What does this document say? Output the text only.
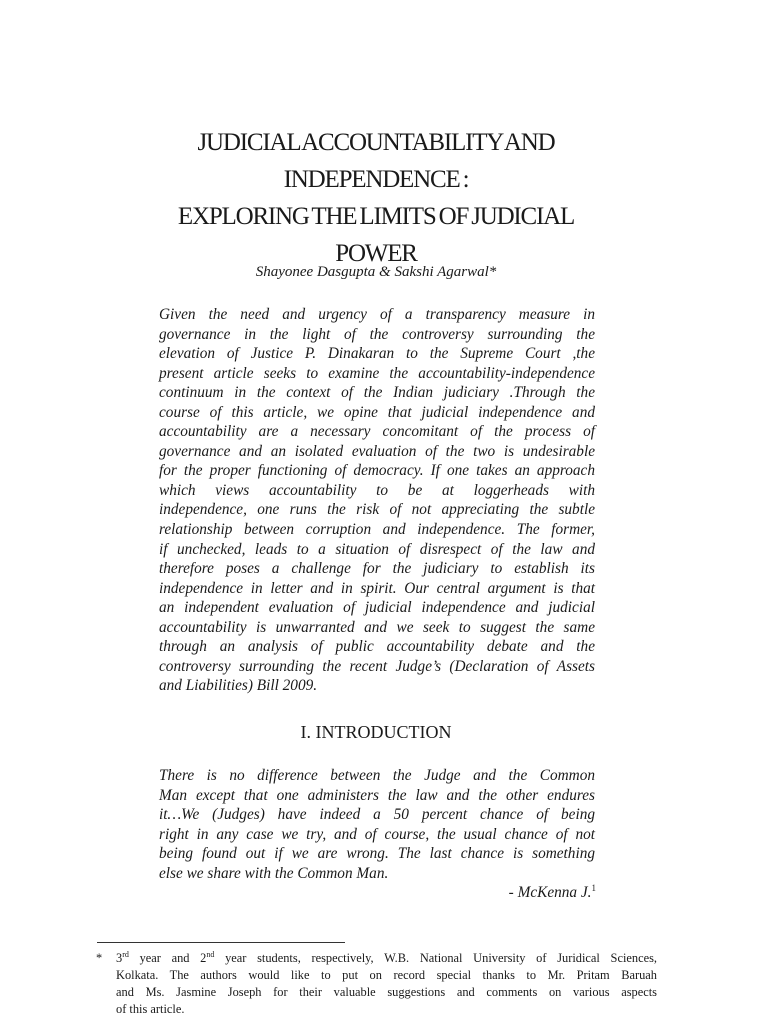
JUDICIAL ACCOUNTABILITY AND
INDEPENDENCE :
EXPLORING THE LIMITS OF JUDICIAL
POWER
Shayonee Dasgupta & Sakshi Agarwal*
Given the need and urgency of a transparency measure in
governance in the light of the controversy surrounding the
elevation of Justice P. Dinakaran to the Supreme Court ,the
present article seeks to examine the accountability-independence
continuum in the context of the Indian judiciary .Through the
course of this article, we opine that judicial independence and
accountability are a necessary concomitant of the process of
governance and an isolated evaluation of the two is undesirable
for the proper functioning of democracy. If one takes an approach
which views accountability to be at loggerheads with
independence, one runs the risk of not appreciating the subtle
relationship between corruption and independence. The former,
if unchecked, leads to a situation of disrespect of the law and
therefore poses a challenge for the judiciary to establish its
independence in letter and in spirit. Our central argument is that
an independent evaluation of judicial independence and judicial
accountability is unwarranted and we seek to suggest the same
through an analysis of public accountability debate and the
controversy surrounding the recent Judge’s (Declaration of Assets
and Liabilities) Bill 2009.
I. INTRODUCTION
There is no difference between the Judge and the Common
Man except that one administers the law and the other endures
it…We (Judges) have indeed a 50 percent chance of being
right in any case we try, and of course, the usual chance of not
being found out if we are wrong. The last chance is something
else we share with the Common Man.
- McKenna J.$^1$
* 3rd year and 2nd year students, respectively, W.B. National University of Juridical Sciences,
Kolkata. The authors would like to put on record special thanks to Mr. Pritam Baruah
and Ms. Jasmine Joseph for their valuable suggestions and comments on various aspects
of this article.
